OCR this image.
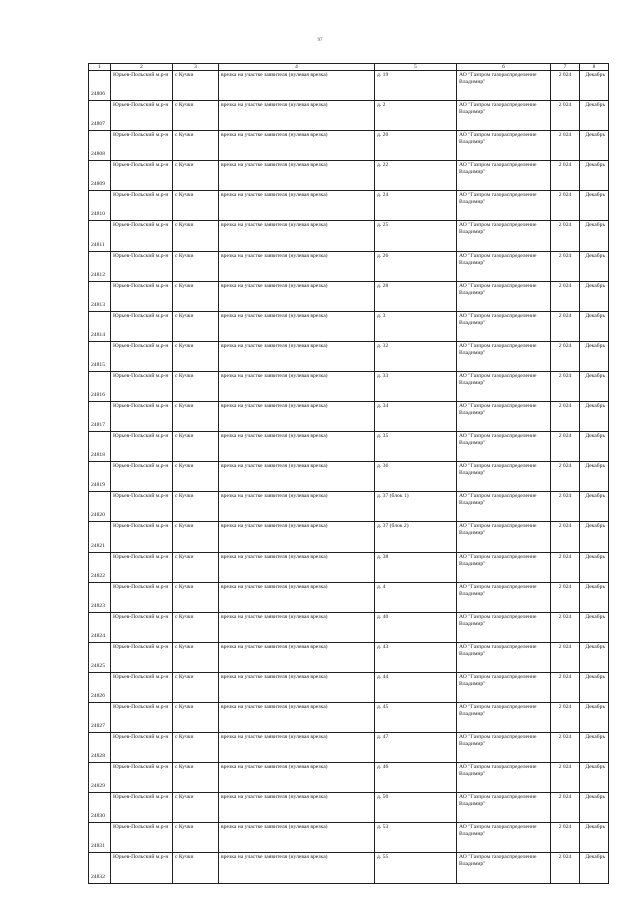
97
1	2	3	4	5	6	7	8
24806	Юрьев-Польский м.р-н	с Кучки	врезка на участке заявителя (нулевая врезка)	д. 19	АО "Газпром газораспределение Владимир"	2 024	Декабрь
24807	Юрьев-Польский м.р-н	с Кучки	врезка на участке заявителя (нулевая врезка)	д. 2	АО "Газпром газораспределение Владимир"	2 024	Декабрь
24808	Юрьев-Польский м.р-н	с Кучки	врезка на участке заявителя (нулевая врезка)	д. 20	АО "Газпром газораспределение Владимир"	2 024	Декабрь
24809	Юрьев-Польский м.р-н	с Кучки	врезка на участке заявителя (нулевая врезка)	д. 22	АО "Газпром газораспределение Владимир"	2 024	Декабрь
24810	Юрьев-Польский м.р-н	с Кучки	врезка на участке заявителя (нулевая врезка)	д. 24	АО "Газпром газораспределение Владимир"	2 024	Декабрь
24811	Юрьев-Польский м.р-н	с Кучки	врезка на участке заявителя (нулевая врезка)	д. 25	АО "Газпром газораспределение Владимир"	2 024	Декабрь
24812	Юрьев-Польский м.р-н	с Кучки	врезка на участке заявителя (нулевая врезка)	д. 26	АО "Газпром газораспределение Владимир"	2 024	Декабрь
24813	Юрьев-Польский м.р-н	с Кучки	врезка на участке заявителя (нулевая врезка)	д. 28	АО "Газпром газораспределение Владимир"	2 024	Декабрь
24814	Юрьев-Польский м.р-н	с Кучки	врезка на участке заявителя (нулевая врезка)	д. 3	АО "Газпром газораспределение Владимир"	2 024	Декабрь
24815	Юрьев-Польский м.р-н	с Кучки	врезка на участке заявителя (нулевая врезка)	д. 32	АО "Газпром газораспределение Владимир"	2 024	Декабрь
24816	Юрьев-Польский м.р-н	с Кучки	врезка на участке заявителя (нулевая врезка)	д. 33	АО "Газпром газораспределение Владимир"	2 024	Декабрь
24817	Юрьев-Польский м.р-н	с Кучки	врезка на участке заявителя (нулевая врезка)	д. 34	АО "Газпром газораспределение Владимир"	2 024	Декабрь
24818	Юрьев-Польский м.р-н	с Кучки	врезка на участке заявителя (нулевая врезка)	д. 35	АО "Газпром газораспределение Владимир"	2 024	Декабрь
24819	Юрьев-Польский м.р-н	с Кучки	врезка на участке заявителя (нулевая врезка)	д. 36	АО "Газпром газораспределение Владимир"	2 024	Декабрь
24820	Юрьев-Польский м.р-н	с Кучки	врезка на участке заявителя (нулевая врезка)	д. 37 (блок 1)	АО "Газпром газораспределение Владимир"	2 024	Декабрь
24821	Юрьев-Польский м.р-н	с Кучки	врезка на участке заявителя (нулевая врезка)	д. 37 (блок 2)	АО "Газпром газораспределение Владимир"	2 024	Декабрь
24822	Юрьев-Польский м.р-н	с Кучки	врезка на участке заявителя (нулевая врезка)	д. 38	АО "Газпром газораспределение Владимир"	2 024	Декабрь
24823	Юрьев-Польский м.р-н	с Кучки	врезка на участке заявителя (нулевая врезка)	д. 4	АО "Газпром газораспределение Владимир"	2 024	Декабрь
24824	Юрьев-Польский м.р-н	с Кучки	врезка на участке заявителя (нулевая врезка)	д. 40	АО "Газпром газораспределение Владимир"	2 024	Декабрь
24825	Юрьев-Польский м.р-н	с Кучки	врезка на участке заявителя (нулевая врезка)	д. 43	АО "Газпром газораспределение Владимир"	2 024	Декабрь
24826	Юрьев-Польский м.р-н	с Кучки	врезка на участке заявителя (нулевая врезка)	д. 44	АО "Газпром газораспределение Владимир"	2 024	Декабрь
24827	Юрьев-Польский м.р-н	с Кучки	врезка на участке заявителя (нулевая врезка)	д. 45	АО "Газпром газораспределение Владимир"	2 024	Декабрь
24828	Юрьев-Польский м.р-н	с Кучки	врезка на участке заявителя (нулевая врезка)	д. 47	АО "Газпром газораспределение Владимир"	2 024	Декабрь
24829	Юрьев-Польский м.р-н	с Кучки	врезка на участке заявителя (нулевая врезка)	д. 46	АО "Газпром газораспределение Владимир"	2 024	Декабрь
24830	Юрьев-Польский м.р-н	с Кучки	врезка на участке заявителя (нулевая врезка)	д. 50	АО "Газпром газораспределение Владимир"	2 024	Декабрь
24831	Юрьев-Польский м.р-н	с Кучки	врезка на участке заявителя (нулевая врезка)	д. 53	АО "Газпром газораспределение Владимир"	2 024	Декабрь
24832	Юрьев-Польский м.р-н	с Кучки	врезка на участке заявителя (нулевая врезка)	д. 55	АО "Газпром газораспределение Владимир"	2 024	Декабрь
